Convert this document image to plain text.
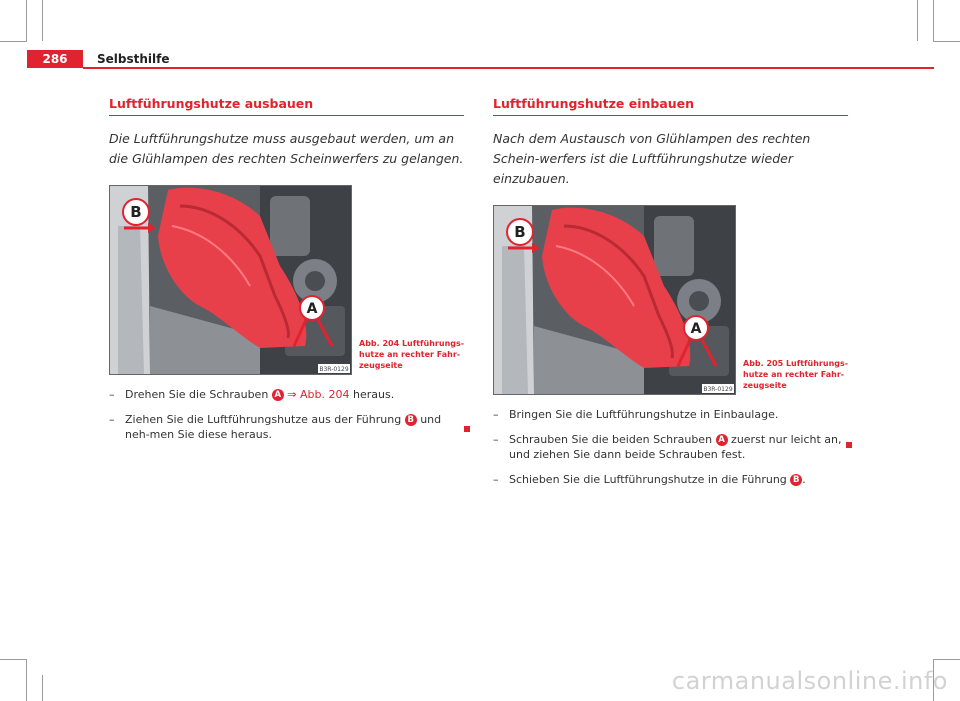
286	Selbsthilfe
Luftführungshutze ausbauen

Die Luftführungshutze muss ausgebaut werden, um an die Glühlampen des rechten Scheinwerfers zu gelangen.

B
A
B3R-0129
Abb. 204 Luftführungs-hutze an rechter Fahr-zeugseite
– Drehen Sie die Schrauben A ⇒ Abb. 204 heraus.
– Ziehen Sie die Luftführungshutze aus der Führung B und neh-men Sie diese heraus.
Luftführungshutze einbauen

Nach dem Austausch von Glühlampen des rechten Schein-werfers ist die Luftführungshutze wieder einzubauen.

B
A
B3R-0129
Abb. 205 Luftführungs-hutze an rechter Fahr-zeugseite
– Bringen Sie die Luftführungshutze in Einbaulage.
– Schrauben Sie die beiden Schrauben A zuerst nur leicht an, und ziehen Sie dann beide Schrauben fest.
– Schieben Sie die Luftführungshutze in die Führung B .
carmanualsonline.info
